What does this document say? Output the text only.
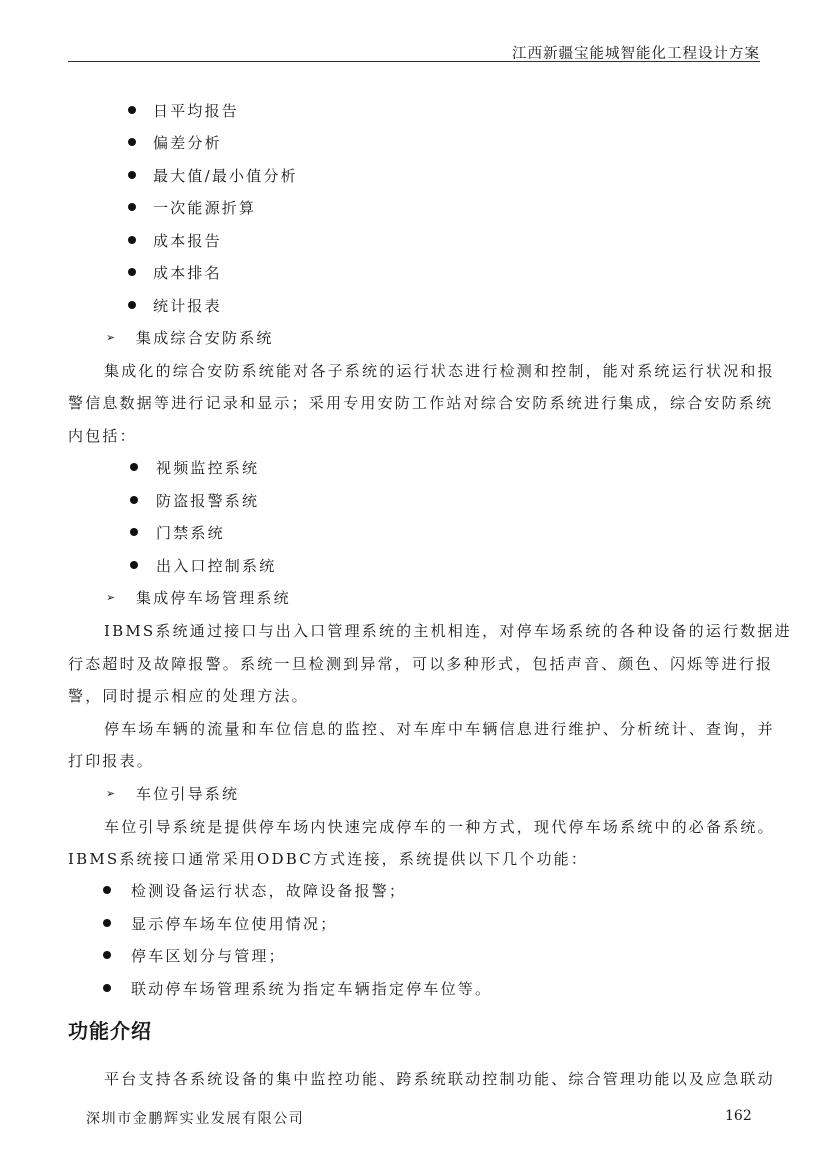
江西新疆宝能城智能化工程设计方案
日平均报告
偏差分析
最大值/最小值分析
一次能源折算
成本报告
成本排名
统计报表
➢ 集成综合安防系统
集成化的综合安防系统能对各子系统的运行状态进行检测和控制，能对系统运行状况和报
警信息数据等进行记录和显示；采用专用安防工作站对综合安防系统进行集成，综合安防系统
内包括：
视频监控系统
防盗报警系统
门禁系统
出入口控制系统
➢ 集成停车场管理系统
IBMS系统通过接口与出入口管理系统的主机相连，对停车场系统的各种设备的运行数据进
行态超时及故障报警。系统一旦检测到异常，可以多种形式，包括声音、颜色、闪烁等进行报
警，同时提示相应的处理方法。
停车场车辆的流量和车位信息的监控、对车库中车辆信息进行维护、分析统计、查询，并
打印报表。
➢ 车位引导系统
车位引导系统是提供停车场内快速完成停车的一种方式，现代停车场系统中的必备系统。
IBMS系统接口通常采用ODBC方式连接，系统提供以下几个功能：
检测设备运行状态，故障设备报警；
显示停车场车位使用情况；
停车区划分与管理；
联动停车场管理系统为指定车辆指定停车位等。
功能介绍
平台支持各系统设备的集中监控功能、跨系统联动控制功能、综合管理功能以及应急联动
深圳市金鹏辉实业发展有限公司	162
